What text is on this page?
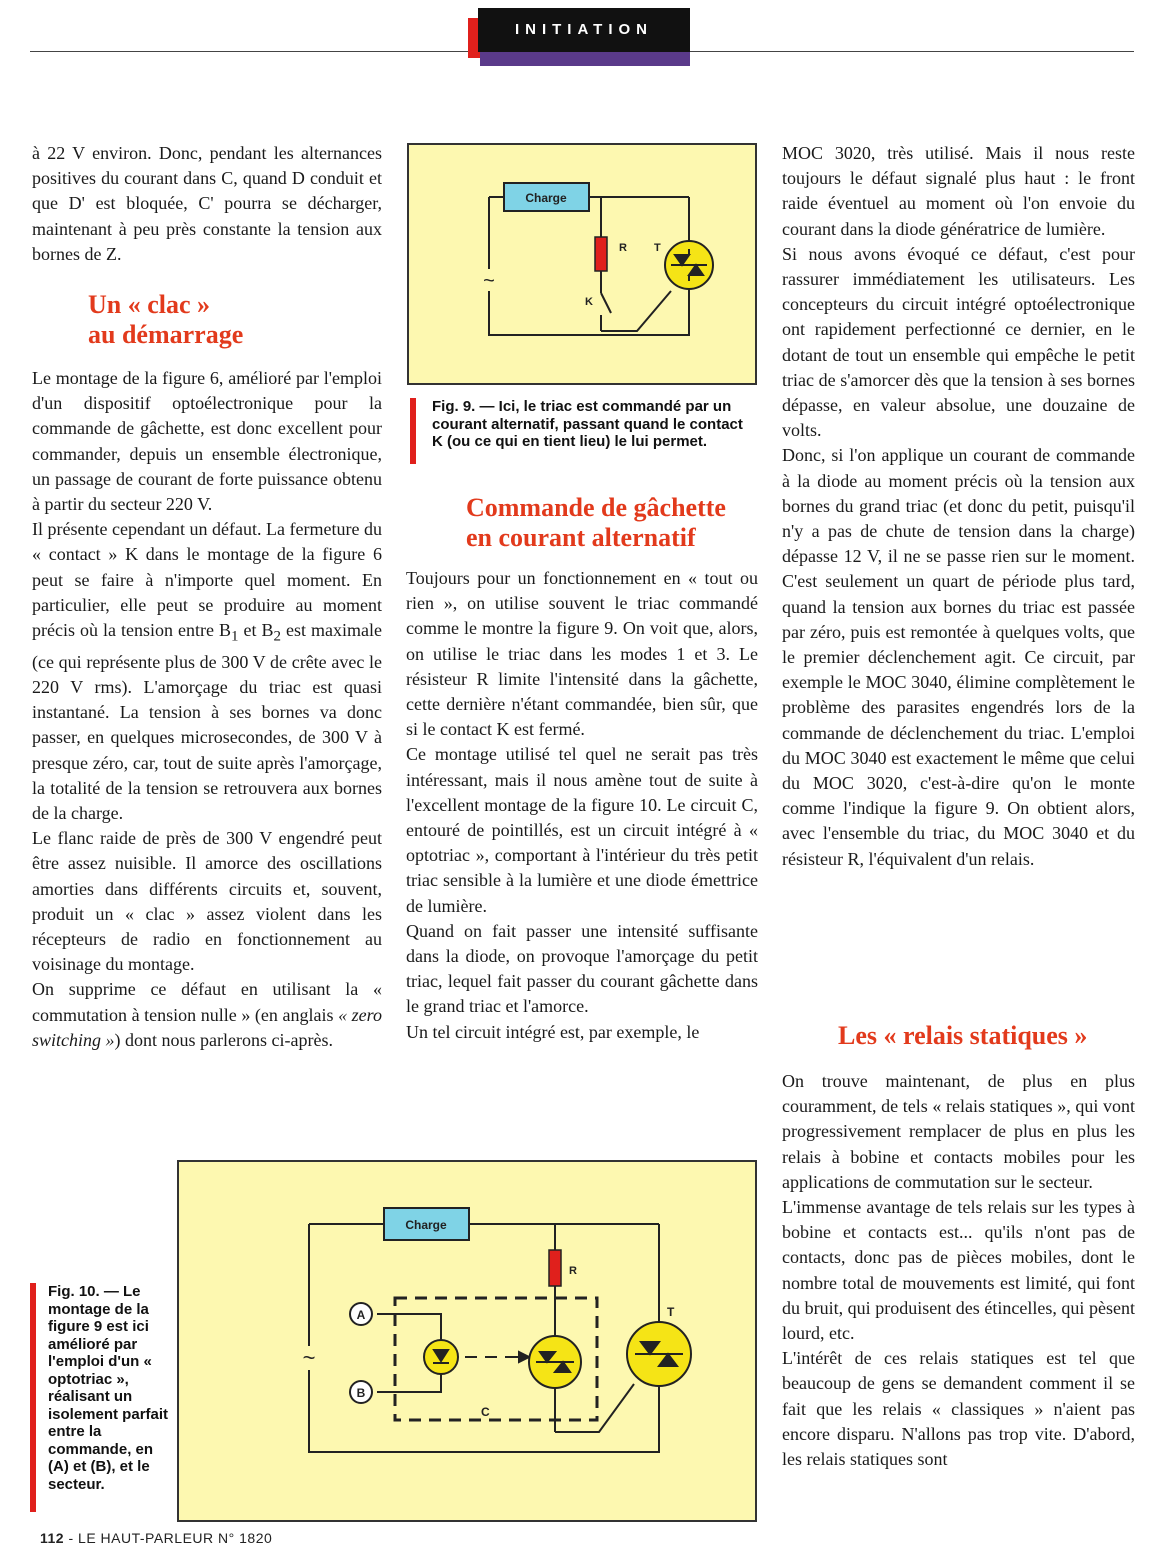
INITIATION

à 22 V environ. Donc, pendant les alternances positives du courant dans C, quand D conduit et que D' est bloquée, C' pourra se décharger, maintenant à peu près constante la tension aux bornes de Z.

Un « clac »
au démarrage

Le montage de la figure 6, amélioré par l'emploi d'un dispositif optoélectronique pour la commande de gâchette, est donc excellent pour commander, depuis un ensemble électronique, un passage de courant de forte puissance obtenu à partir du secteur 220 V.

Il présente cependant un défaut. La fermeture du « contact » K dans le montage de la figure 6 peut se faire à n'importe quel moment. En particulier, elle peut se produire au moment précis où la tension entre $B_1$ et $B_2$ est maximale (ce qui représente plus de 300 V de crête avec le 220 V rms). L'amorçage du triac est quasi instantané. La tension à ses bornes va donc passer, en quelques microsecondes, de 300 V à presque zéro, car, tout de suite après l'amorçage, la totalité de la tension se retrouvera aux bornes de la charge.

Le flanc raide de près de 300 V engendré peut être assez nuisible. Il amorce des oscillations amorties dans différents circuits et, souvent, produit un « clac » assez violent dans les récepteurs de radio en fonctionnement au voisinage du montage.

On supprime ce défaut en utilisant la « commutation à tension nulle » (en anglais « zero switching ») dont nous parlerons ci-après.

Charge
R
K
T
~
Fig. 9. — Ici, le triac est commandé par un courant alternatif, passant quand le contact K (ou ce qui en tient lieu) le lui permet.
Commande de gâchette
en courant alternatif

Toujours pour un fonctionnement en « tout ou rien », on utilise souvent le triac commandé comme le montre la figure 9. On voit que, alors, on utilise le triac dans les modes 1 et 3. Le résisteur R limite l'intensité dans la gâchette, cette dernière n'étant commandée, bien sûr, que si le contact K est fermé.

Ce montage utilisé tel quel ne serait pas très intéressant, mais il nous amène tout de suite à l'excellent montage de la figure 10. Le circuit C, entouré de pointillés, est un circuit intégré à « optotriac », comportant à l'intérieur du très petit triac sensible à la lumière et une diode émettrice de lumière.

Quand on fait passer une intensité suffisante dans la diode, on provoque l'amorçage du petit triac, lequel fait passer du courant gâchette dans le grand triac et l'amorce.

Un tel circuit intégré est, par exemple, le

MOC 3020, très utilisé. Mais il nous reste toujours le défaut signalé plus haut : le front raide éventuel au moment où l'on envoie du courant dans la diode génératrice de lumière.

Si nous avons évoqué ce défaut, c'est pour rassurer immédiatement les utilisateurs. Les concepteurs du circuit intégré optoélectronique ont rapidement perfectionné ce dernier, en le dotant de tout un ensemble qui empêche le petit triac de s'amorcer dès que la tension à ses bornes dépasse, en valeur absolue, une douzaine de volts.

Donc, si l'on applique un courant de commande à la diode au moment précis où la tension aux bornes du grand triac (et donc du petit, puisqu'il n'y a pas de chute de tension dans la charge) dépasse 12 V, il ne se passe rien sur le moment. C'est seulement un quart de période plus tard, quand la tension aux bornes du triac est passée par zéro, puis est remontée à quelques volts, que le premier déclenchement agit. Ce circuit, par exemple le MOC 3040, élimine complètement le problème des parasites engendrés lors de la commande de déclenchement du triac. L'emploi du MOC 3040 est exactement le même que celui du MOC 3020, c'est-à-dire qu'on le monte comme l'indique la figure 9. On obtient alors, avec l'ensemble du triac, du MOC 3040 et du résisteur R, l'équivalent d'un relais.

Les « relais statiques »

On trouve maintenant, de plus en plus couramment, de tels « relais statiques », qui vont progressivement remplacer de plus en plus les relais à bobine et contacts mobiles pour les applications de commutation sur le secteur.

L'immense avantage de tels relais sur les types à bobine et contacts est... qu'ils n'ont pas de contacts, donc pas de pièces mobiles, dont le nombre total de mouvements est limité, qui font du bruit, qui produisent des étincelles, qui pèsent lourd, etc.

L'intérêt de ces relais statiques est tel que beaucoup de gens se demandent comment il se fait que les relais « classiques » n'aient pas encore disparu. N'allons pas trop vite. D'abord, les relais statiques sont

Charge
R
T
C
A
B
~
Fig. 10. — Le montage de la figure 9 est ici amélioré par l'emploi d'un « optotriac », réalisant un isolement parfait entre la commande, en (A) et (B), et le secteur.
112 - LE HAUT-PARLEUR N° 1820
